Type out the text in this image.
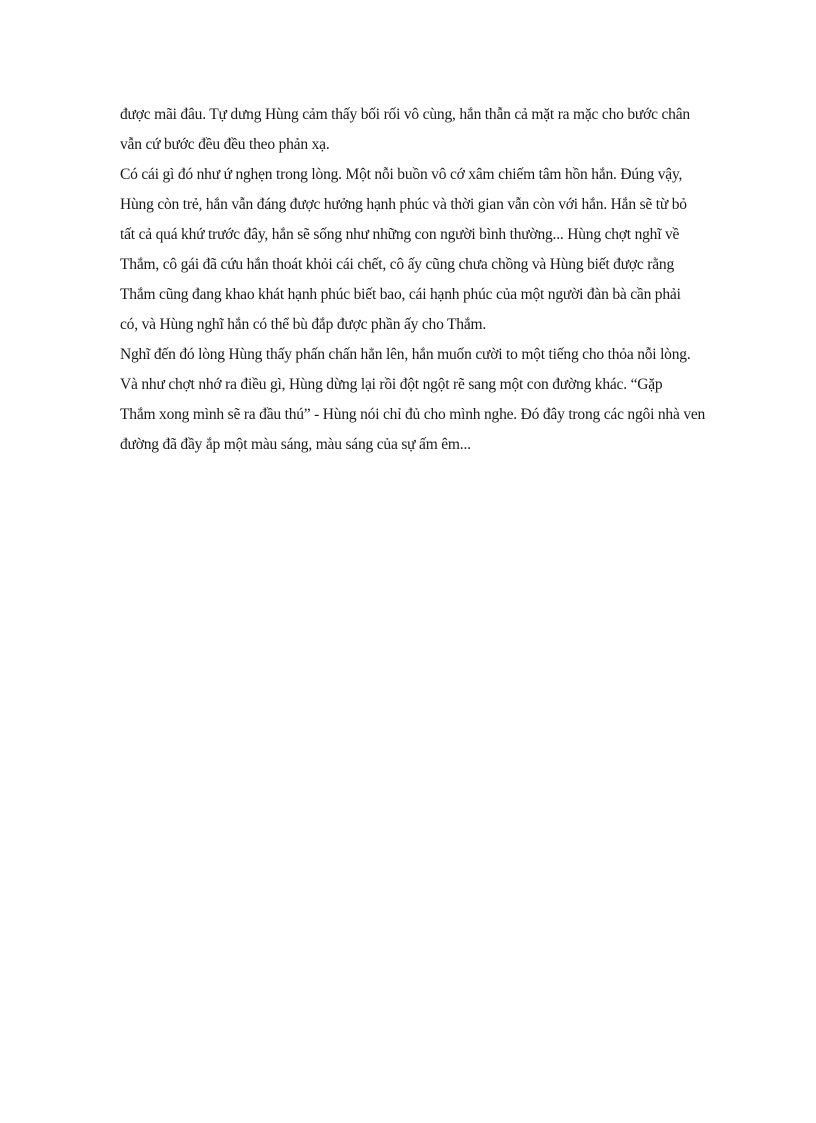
được mãi đâu. Tự dưng Hùng cảm thấy bối rối vô cùng, hắn thẫn cả mặt ra mặc cho bước chân
vẫn cứ bước đều đều theo phản xạ.
Có cái gì đó như ứ nghẹn trong lòng. Một nỗi buồn vô cớ xâm chiếm tâm hồn hắn. Đúng vậy,
Hùng còn trẻ, hắn vẫn đáng được hưởng hạnh phúc và thời gian vẫn còn với hắn. Hắn sẽ từ bỏ
tất cả quá khứ trước đây, hắn sẽ sống như những con người bình thường... Hùng chợt nghĩ về
Thắm, cô gái đã cứu hắn thoát khỏi cái chết, cô ấy cũng chưa chồng và Hùng biết được rằng
Thắm cũng đang khao khát hạnh phúc biết bao, cái hạnh phúc của một người đàn bà cần phải
có, và Hùng nghĩ hắn có thể bù đắp được phần ấy cho Thắm.
Nghĩ đến đó lòng Hùng thấy phấn chấn hẳn lên, hắn muốn cười to một tiếng cho thỏa nỗi lòng.
Và như chợt nhớ ra điều gì, Hùng dừng lại rồi đột ngột rẽ sang một con đường khác. “Gặp
Thắm xong mình sẽ ra đầu thú” - Hùng nói chỉ đủ cho mình nghe. Đó đây trong các ngôi nhà ven
đường đã đầy ắp một màu sáng, màu sáng của sự ấm êm...
